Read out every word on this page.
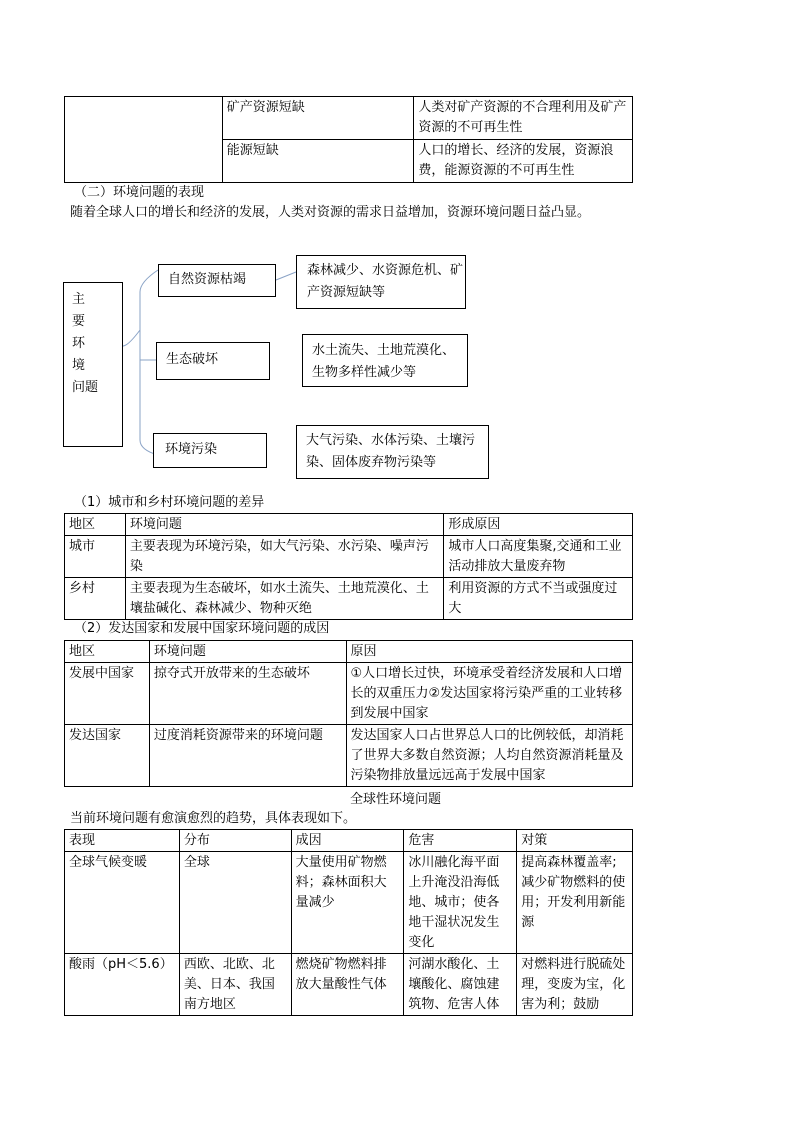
	矿产资源短缺	人类对矿产资源的不合理利用及矿产资源的不可再生性
	能源短缺	人口的增长、经济的发展，资源浪费，能源资源的不可再生性
（二）环境问题的表现
随着全球人口的增长和经济的发展，人类对资源的需求日益增加，资源环境问题日益凸显。
主 要
环 境
问题
自然资源枯竭
森林减少、水资源危机、矿产资源短缺等
生态破坏
水土流失、土地荒漠化、生物多样性减少等
环境污染
大气污染、水体污染、土壤污染、固体废弃物污染等
（1）城市和乡村环境问题的差异
地区	环境问题	形成原因
城市	主要表现为环境污染，如大气污染、水污染、噪声污染	城市人口高度集聚,交通和工业活动排放大量废弃物
乡村	主要表现为生态破坏，如水土流失、土地荒漠化、土壤盐碱化、森林减少、物种灭绝	利用资源的方式不当或强度过大
（2）发达国家和发展中国家环境问题的成因
地区	环境问题	原因
发展中国家	掠夺式开放带来的生态破坏	①人口增长过快，环境承受着经济发展和人口增长的双重压力②发达国家将污染严重的工业转移到发展中国家
发达国家	过度消耗资源带来的环境问题	发达国家人口占世界总人口的比例较低，却消耗了世界大多数自然资源；人均自然资源消耗量及污染物排放量远远高于发展中国家
全球性环境问题
当前环境问题有愈演愈烈的趋势，具体表现如下。
表现	分布	成因	危害	对策
全球气候变暖	全球	大量使用矿物燃料；森林面积大量减少	冰川融化海平面上升淹没沿海低地、城市；使各地干湿状况发生变化	提高森林覆盖率;减少矿物燃料的使用；开发利用新能源
酸雨（pH＜5.6）	西欧、北欧、北美、日本、我国南方地区	燃烧矿物燃料排放大量酸性气体	河湖水酸化、土壤酸化、腐蚀建筑物、危害人体	对燃料进行脱硫处理，变废为宝，化害为利；鼓励
